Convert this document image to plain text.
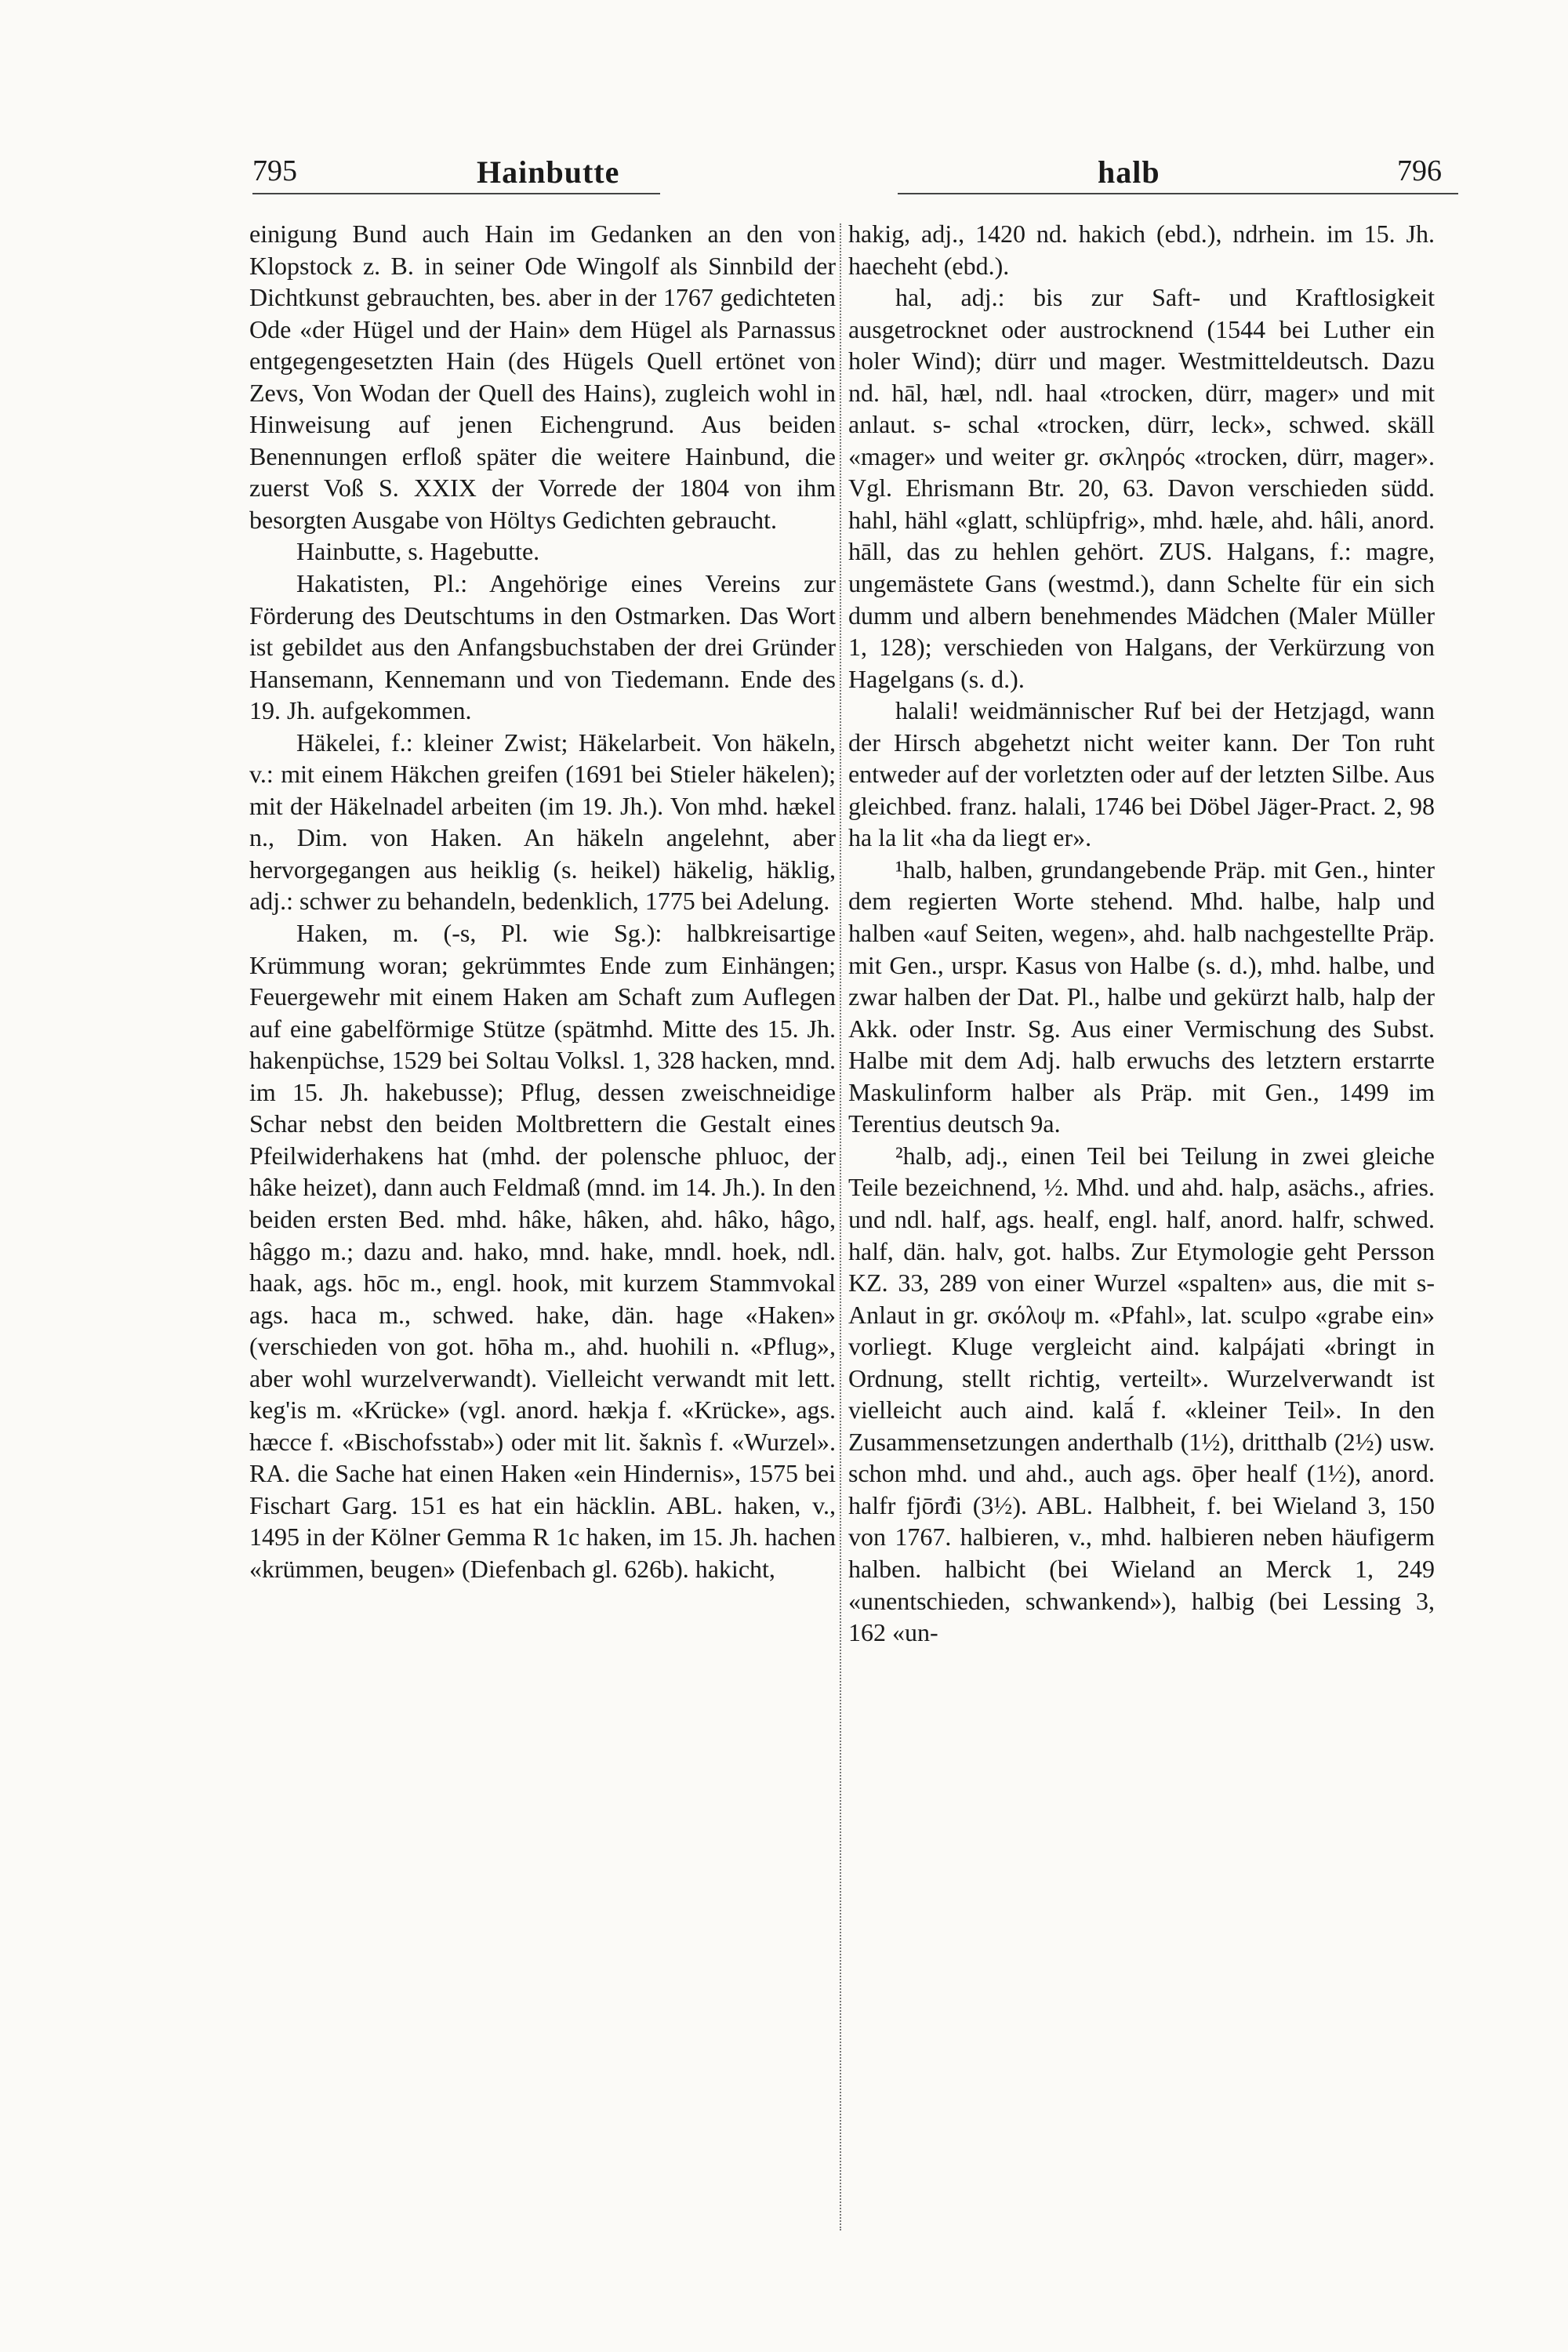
795	Hainbutte	halb	796

einigung Bund auch Hain im Gedanken an den von Klopstock z. B. in seiner Ode Wingolf als Sinnbild der Dichtkunst gebrauchten, bes. aber in der 1767 gedichteten Ode «der Hügel und der Hain» dem Hügel als Parnassus entgegengesetzten Hain (des Hügels Quell ertönet von Zevs, Von Wodan der Quell des Hains), zugleich wohl in Hinweisung auf jenen Eichengrund. Aus beiden Benennungen erfloß später die weitere Hainbund, die zuerst Voß S. XXIX der Vorrede der 1804 von ihm besorgten Ausgabe von Höltys Gedichten gebraucht.

Hainbutte, s. Hagebutte.

Hakatisten, Pl.: Angehörige eines Vereins zur Förderung des Deutschtums in den Ostmarken. Das Wort ist gebildet aus den Anfangsbuchstaben der drei Gründer Hansemann, Kennemann und von Tiedemann. Ende des 19. Jh. aufgekommen.

Häkelei, f.: kleiner Zwist; Häkelarbeit. Von häkeln, v.: mit einem Häkchen greifen (1691 bei Stieler häkelen); mit der Häkelnadel arbeiten (im 19. Jh.). Von mhd. hækel n., Dim. von Haken. An häkeln angelehnt, aber hervorgegangen aus heiklig (s. heikel) häkelig, häklig, adj.: schwer zu behandeln, bedenklich, 1775 bei Adelung.

Haken, m. (-s, Pl. wie Sg.): halbkreisartige Krümmung woran; gekrümmtes Ende zum Einhängen; Feuergewehr mit einem Haken am Schaft zum Auflegen auf eine gabelförmige Stütze (spätmhd. Mitte des 15. Jh. hakenpüchse, 1529 bei Soltau Volksl. 1, 328 hacken, mnd. im 15. Jh. hakebusse); Pflug, dessen zweischneidige Schar nebst den beiden Moltbrettern die Gestalt eines Pfeilwiderhakens hat (mhd. der polensche phluoc, der hâke heizet), dann auch Feldmaß (mnd. im 14. Jh.). In den beiden ersten Bed. mhd. hâke, hâken, ahd. hâko, hâgo, hâggo m.; dazu and. hako, mnd. hake, mndl. hoek, ndl. haak, ags. hōc m., engl. hook, mit kurzem Stammvokal ags. haca m., schwed. hake, dän. hage «Haken» (verschieden von got. hōha m., ahd. huohili n. «Pflug», aber wohl wurzelverwandt). Vielleicht verwandt mit lett. keg'is m. «Krücke» (vgl. anord. hækja f. «Krücke», ags. hæcce f. «Bischofsstab») oder mit lit. šaknìs f. «Wurzel». RA. die Sache hat einen Haken «ein Hindernis», 1575 bei Fischart Garg. 151 es hat ein häcklin. ABL. haken, v., 1495 in der Kölner Gemma R 1c haken, im 15. Jh. hachen «krümmen, beugen» (Diefenbach gl. 626b). hakicht,

hakig, adj., 1420 nd. hakich (ebd.), ndrhein. im 15. Jh. haecheht (ebd.).

hal, adj.: bis zur Saft- und Kraftlosigkeit ausgetrocknet oder austrocknend (1544 bei Luther ein holer Wind); dürr und mager. Westmitteldeutsch. Dazu nd. hāl, hæl, ndl. haal «trocken, dürr, mager» und mit anlaut. s- schal «trocken, dürr, leck», schwed. skäll «mager» und weiter gr. σκληρός «trocken, dürr, mager». Vgl. Ehrismann Btr. 20, 63. Davon verschieden südd. hahl, hähl «glatt, schlüpfrig», mhd. hæle, ahd. hâli, anord. hāll, das zu hehlen gehört. ZUS. Halgans, f.: magre, ungemästete Gans (westmd.), dann Schelte für ein sich dumm und albern benehmendes Mädchen (Maler Müller 1, 128); verschieden von Halgans, der Verkürzung von Hagelgans (s. d.).

halali! weidmännischer Ruf bei der Hetzjagd, wann der Hirsch abgehetzt nicht weiter kann. Der Ton ruht entweder auf der vorletzten oder auf der letzten Silbe. Aus gleichbed. franz. halali, 1746 bei Döbel Jäger-Pract. 2, 98 ha la lit «ha da liegt er».

¹halb, halben, grundangebende Präp. mit Gen., hinter dem regierten Worte stehend. Mhd. halbe, halp und halben «auf Seiten, wegen», ahd. halb nachgestellte Präp. mit Gen., urspr. Kasus von Halbe (s. d.), mhd. halbe, und zwar halben der Dat. Pl., halbe und gekürzt halb, halp der Akk. oder Instr. Sg. Aus einer Vermischung des Subst. Halbe mit dem Adj. halb erwuchs des letztern erstarrte Maskulinform halber als Präp. mit Gen., 1499 im Terentius deutsch 9a.

²halb, adj., einen Teil bei Teilung in zwei gleiche Teile bezeichnend, ½. Mhd. und ahd. halp, asächs., afries. und ndl. half, ags. healf, engl. half, anord. halfr, schwed. half, dän. halv, got. halbs. Zur Etymologie geht Persson KZ. 33, 289 von einer Wurzel «spalten» aus, die mit s-Anlaut in gr. σκόλοψ m. «Pfahl», lat. sculpo «grabe ein» vorliegt. Kluge vergleicht aind. kalpájati «bringt in Ordnung, stellt richtig, verteilt». Wurzelverwandt ist vielleicht auch aind. kalā́ f. «kleiner Teil». In den Zusammensetzungen anderthalb (1½), dritthalb (2½) usw. schon mhd. und ahd., auch ags. ōþer healf (1½), anord. halfr fjōrđi (3½). ABL. Halbheit, f. bei Wieland 3, 150 von 1767. halbieren, v., mhd. halbieren neben häufigerm halben. halbicht (bei Wieland an Merck 1, 249 «unentschieden, schwankend»), halbig (bei Lessing 3, 162 «un-
